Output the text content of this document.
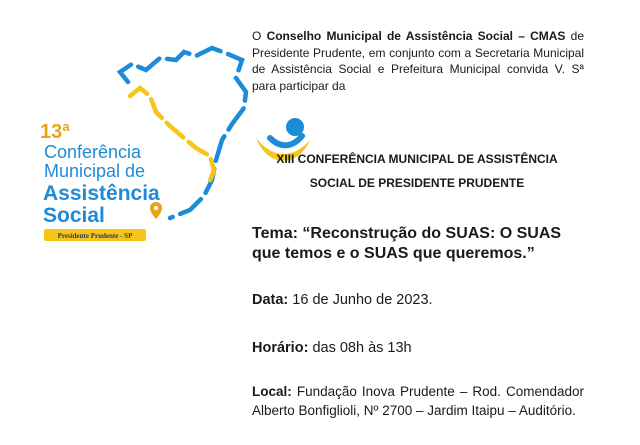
13ª
Conferência
Municipal de
Assistência
Social
Presidente Prudente - SP
O Conselho Municipal de Assistência Social – CMAS de Presidente Prudente, em conjunto com a Secretaria Municipal de Assistência Social e Prefeitura Municipal convida V. Sª para participar da
XIII CONFERÊNCIA MUNICIPAL DE ASSISTÊNCIA
SOCIAL DE PRESIDENTE PRUDENTE
Tema: “Reconstrução do SUAS: O SUAS que temos e o SUAS que queremos.”
Data: 16 de Junho de 2023.
Horário: das 08h às 13h
Local: Fundação Inova Prudente – Rod. Comendador Alberto Bonfiglioli, Nº 2700 – Jardim Itaipu – Auditório.
